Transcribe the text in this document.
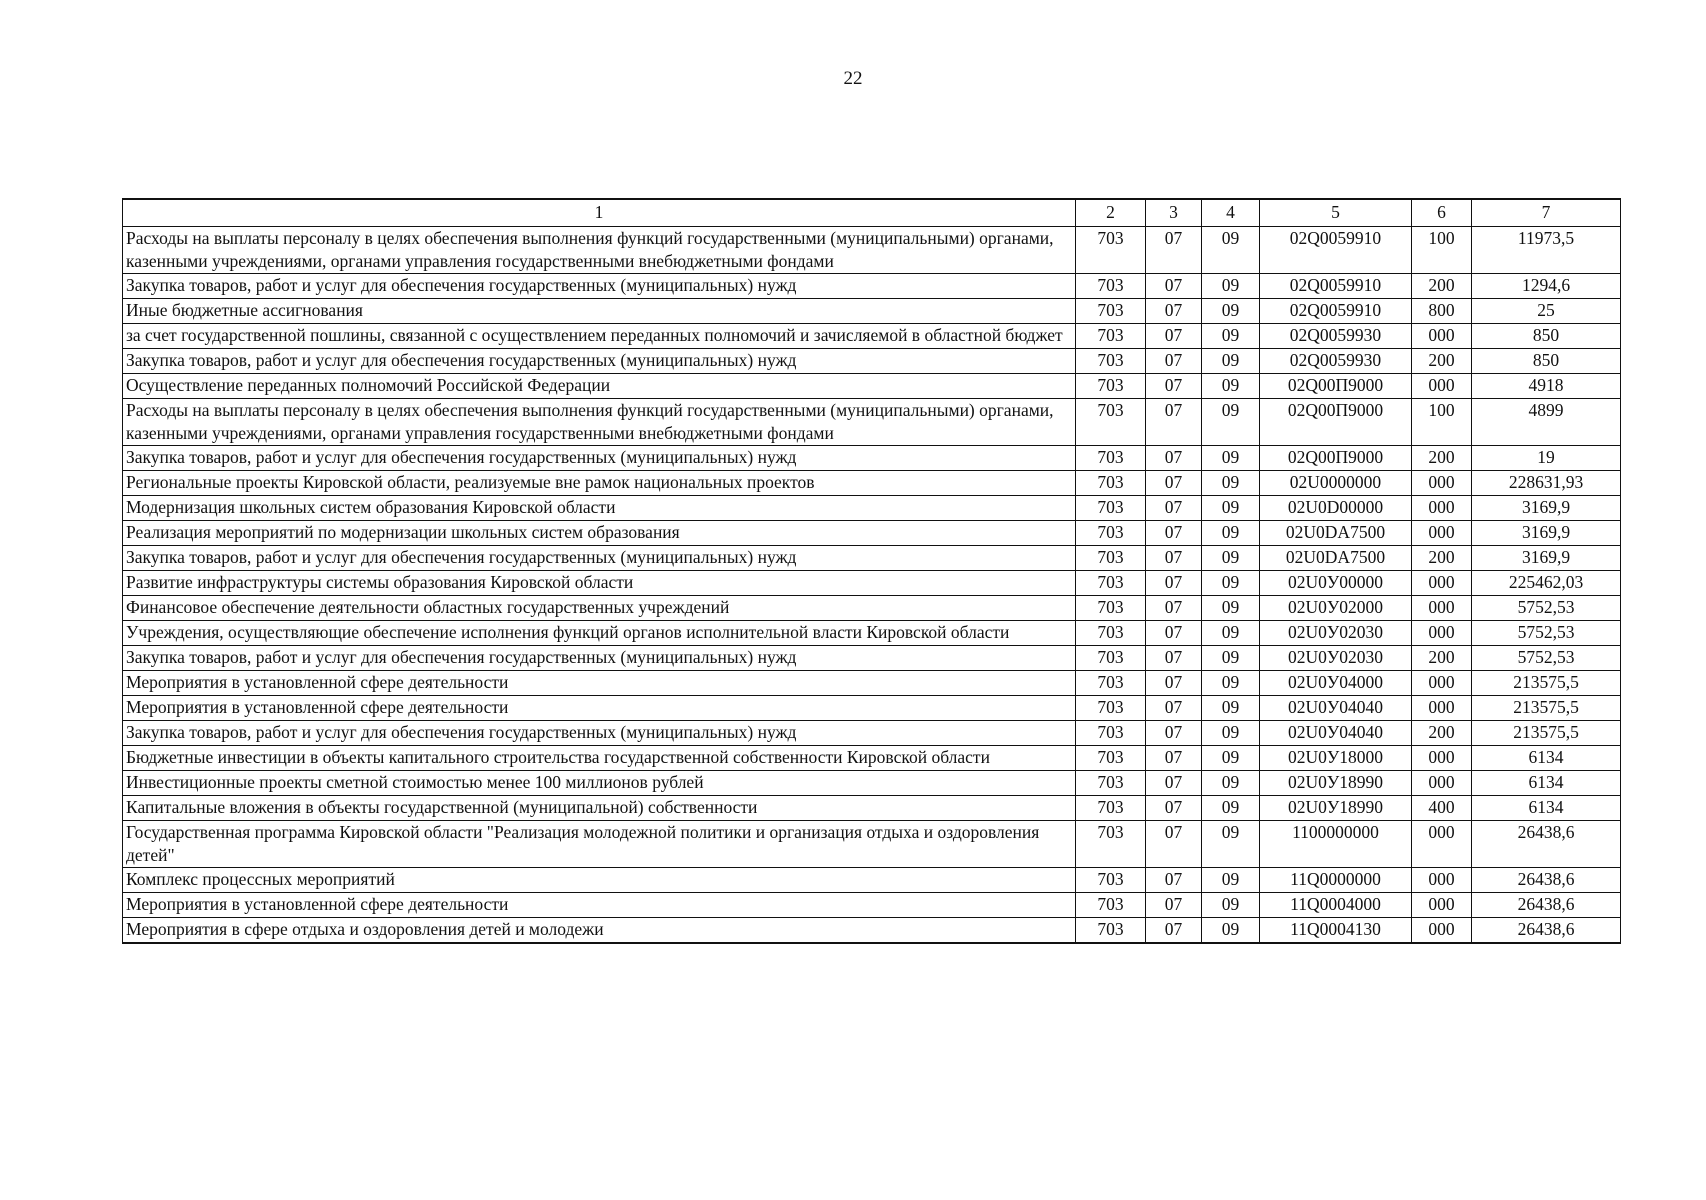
22
1	2	3	4	5	6	7
Расходы на выплаты персоналу в целях обеспечения выполнения функций государственными (муниципальными) органами, казенными учреждениями, органами управления государственными внебюджетными фондами	703	07	09	02Q0059910	100	11973,5
Закупка товаров, работ и услуг для обеспечения государственных (муниципальных) нужд	703	07	09	02Q0059910	200	1294,6
Иные бюджетные ассигнования	703	07	09	02Q0059910	800	25
за счет государственной пошлины, связанной с осуществлением переданных полномочий и зачисляемой в областной бюджет	703	07	09	02Q0059930	000	850
Закупка товаров, работ и услуг для обеспечения государственных (муниципальных) нужд	703	07	09	02Q0059930	200	850
Осуществление переданных полномочий Российской Федерации	703	07	09	02Q00П9000	000	4918
Расходы на выплаты персоналу в целях обеспечения выполнения функций государственными (муниципальными) органами, казенными учреждениями, органами управления государственными внебюджетными фондами	703	07	09	02Q00П9000	100	4899
Закупка товаров, работ и услуг для обеспечения государственных (муниципальных) нужд	703	07	09	02Q00П9000	200	19
Региональные проекты Кировской области, реализуемые вне рамок национальных проектов	703	07	09	02U0000000	000	228631,93
Модернизация школьных систем образования Кировской области	703	07	09	02U0D00000	000	3169,9
Реализация мероприятий по модернизации школьных систем образования	703	07	09	02U0DA7500	000	3169,9
Закупка товаров, работ и услуг для обеспечения государственных (муниципальных) нужд	703	07	09	02U0DA7500	200	3169,9
Развитие инфраструктуры системы образования Кировской области	703	07	09	02U0У00000	000	225462,03
Финансовое обеспечение деятельности областных государственных учреждений	703	07	09	02U0У02000	000	5752,53
Учреждения, осуществляющие обеспечение исполнения функций органов исполнительной власти Кировской области	703	07	09	02U0У02030	000	5752,53
Закупка товаров, работ и услуг для обеспечения государственных (муниципальных) нужд	703	07	09	02U0У02030	200	5752,53
Мероприятия в установленной сфере деятельности	703	07	09	02U0У04000	000	213575,5
Мероприятия в установленной сфере деятельности	703	07	09	02U0У04040	000	213575,5
Закупка товаров, работ и услуг для обеспечения государственных (муниципальных) нужд	703	07	09	02U0У04040	200	213575,5
Бюджетные инвестиции в объекты капитального строительства государственной собственности Кировской области	703	07	09	02U0У18000	000	6134
Инвестиционные проекты сметной стоимостью менее 100 миллионов рублей	703	07	09	02U0У18990	000	6134
Капитальные вложения в объекты государственной (муниципальной) собственности	703	07	09	02U0У18990	400	6134
Государственная программа Кировской области "Реализация молодежной политики и организация отдыха и оздоровления детей"	703	07	09	1100000000	000	26438,6
Комплекс процессных мероприятий	703	07	09	11Q0000000	000	26438,6
Мероприятия в установленной сфере деятельности	703	07	09	11Q0004000	000	26438,6
Мероприятия в сфере отдыха и оздоровления детей и молодежи	703	07	09	11Q0004130	000	26438,6
